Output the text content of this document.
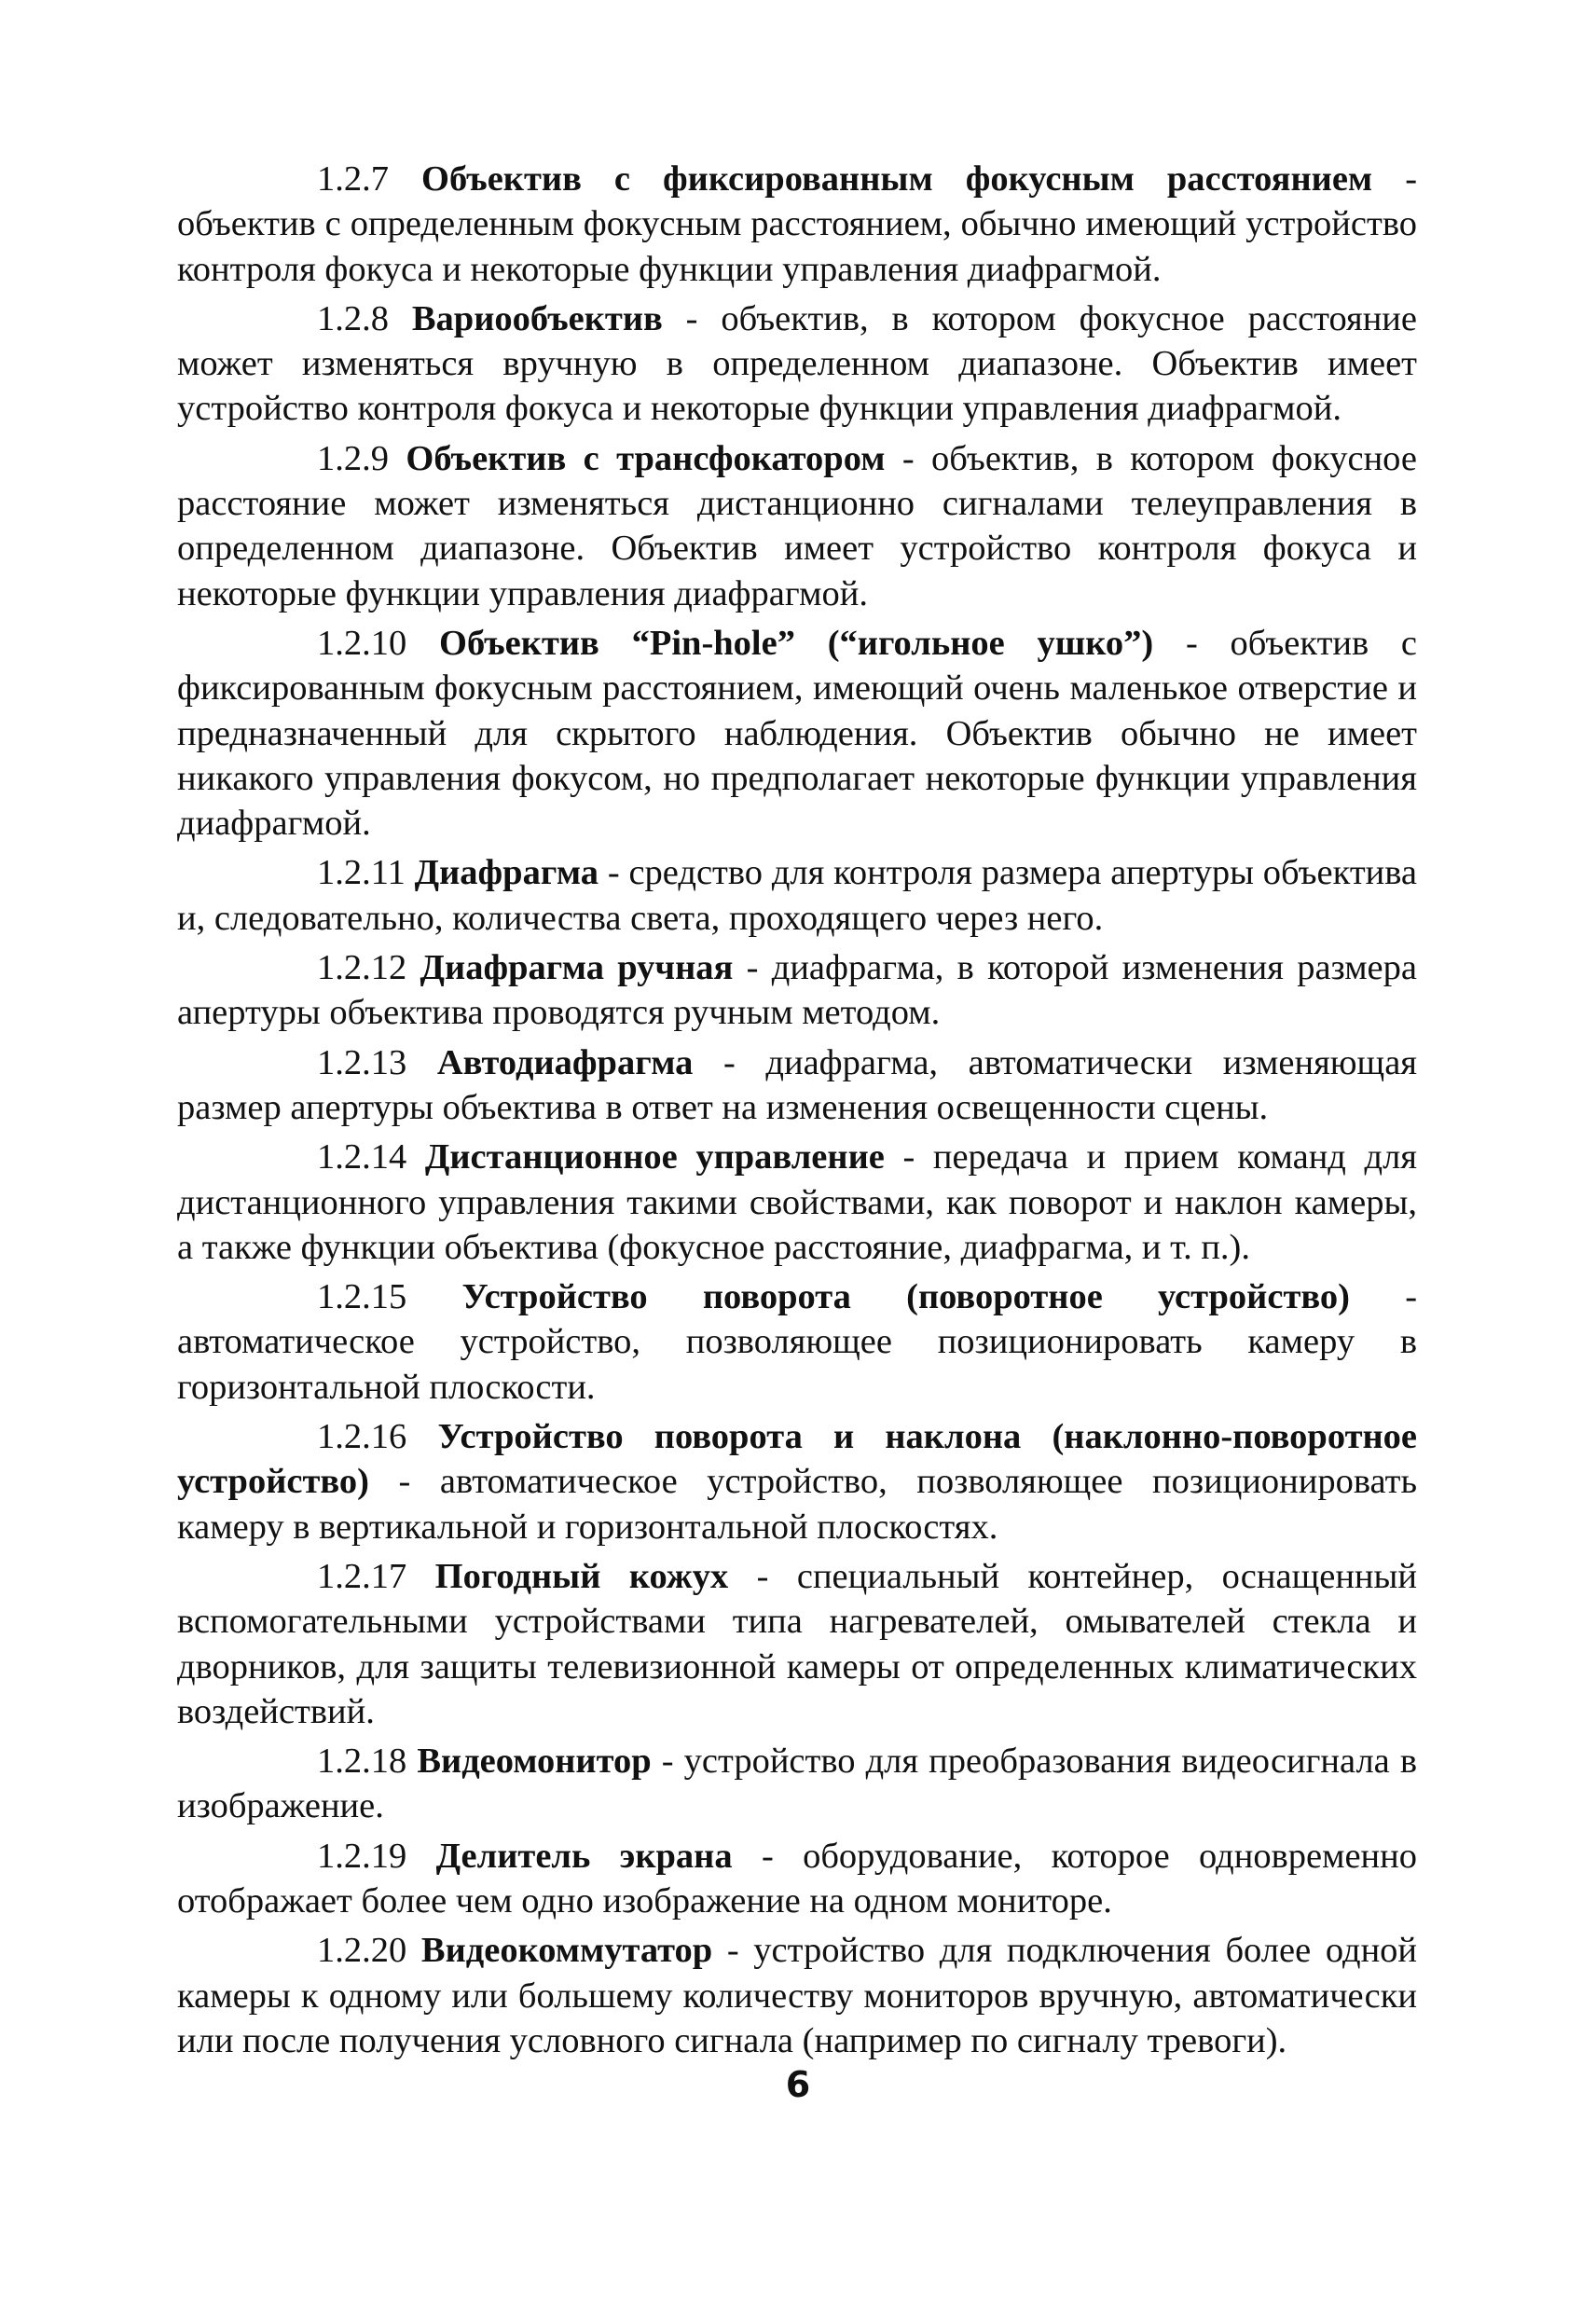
1.2.7 Объектив с фиксированным фокусным расстоянием - объектив с определенным фокусным расстоянием, обычно имеющий устройство контроля фокуса и некоторые функции управления диафрагмой.

1.2.8 Вариообъектив - объектив, в котором фокусное расстояние может изменяться вручную в определенном диапазоне. Объектив имеет устройство контроля фокуса и некоторые функции управления диафрагмой.

1.2.9 Объектив с трансфокатором - объектив, в котором фокусное расстояние может изменяться дистанционно сигналами телеуправления в определенном диапазоне. Объектив имеет устройство контроля фокуса и некоторые функции управления диафрагмой.

1.2.10 Объектив “Pin-hole” (“игольное ушко”) - объектив с фиксированным фокусным расстоянием, имеющий очень маленькое отверстие и предназначенный для скрытого наблюдения. Объектив обычно не имеет никакого управления фокусом, но предполагает некоторые функции управления диафрагмой.

1.2.11 Диафрагма - средство для контроля размера апертуры объектива и, следовательно, количества света, проходящего через него.

1.2.12 Диафрагма ручная - диафрагма, в которой изменения размера апертуры объектива проводятся ручным методом.

1.2.13 Автодиафрагма - диафрагма, автоматически изменяющая размер апертуры объектива в ответ на изменения освещенности сцены.

1.2.14 Дистанционное управление - передача и прием команд для дистанционного управления такими свойствами, как поворот и наклон камеры, а также функции объектива (фокусное расстояние, диафрагма, и т. п.).

1.2.15 Устройство поворота (поворотное устройство) - автоматическое устройство, позволяющее позиционировать камеру в горизонтальной плоскости.

1.2.16 Устройство поворота и наклона (наклонно-поворотное устройство) - автоматическое устройство, позволяющее позиционировать камеру в вертикальной и горизонтальной плоскостях.

1.2.17 Погодный кожух - специальный контейнер, оснащенный вспомогательными устройствами типа нагревателей, омывателей стекла и дворников, для защиты телевизионной камеры от определенных климатических воздействий.

1.2.18 Видеомонитор - устройство для преобразования видеосигнала в изображение.

1.2.19 Делитель экрана - оборудование, которое одновременно отображает более чем одно изображение на одном мониторе.

1.2.20 Видеокоммутатор - устройство для подключения более одной камеры к одному или большему количеству мониторов вручную, автоматически или после получения условного сигнала (например по сигналу тревоги).

6
